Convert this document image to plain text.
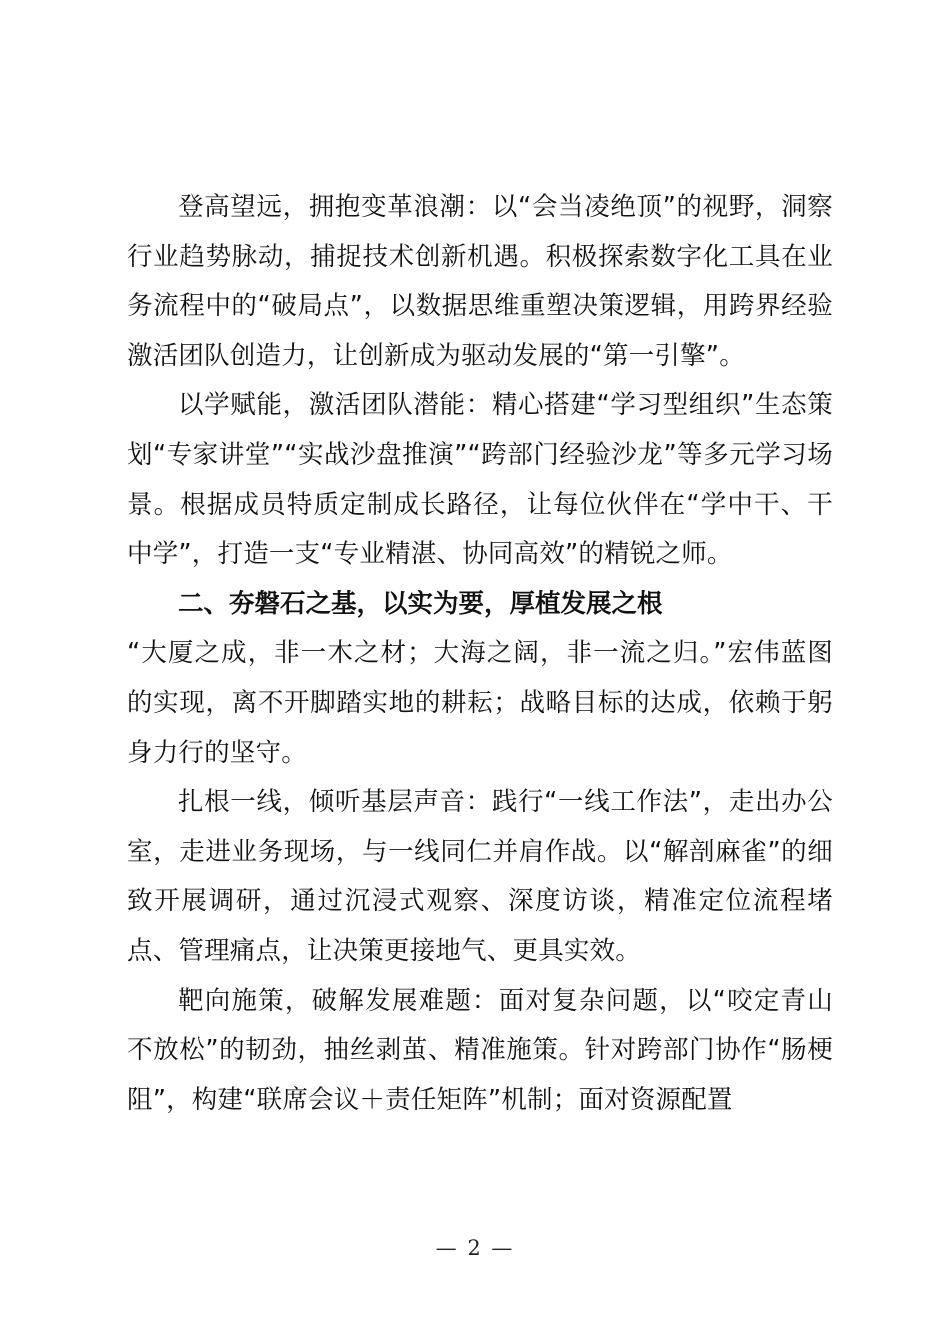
登高望远，拥抱变革浪潮：以“会当凌绝顶”的视野，洞察行业趋势脉动，捕捉技术创新机遇。积极探索数字化工具在业务流程中的“破局点”，以数据思维重塑决策逻辑，用跨界经验激活团队创造力，让创新成为驱动发展的“第一引擎”。

以学赋能，激活团队潜能：精心搭建“学习型组织”生态策划“专家讲堂”“实战沙盘推演”“跨部门经验沙龙”等多元学习场景。根据成员特质定制成长路径，让每位伙伴在“学中干、干中学”，打造一支“专业精湛、协同高效”的精锐之师。

二、夯磐石之基，以实为要，厚植发展之根

“大厦之成，非一木之材；大海之阔，非一流之归。”宏伟蓝图的实现，离不开脚踏实地的耕耘；战略目标的达成，依赖于躬身力行的坚守。

扎根一线，倾听基层声音：践行“一线工作法”，走出办公室，走进业务现场，与一线同仁并肩作战。以“解剖麻雀”的细致开展调研，通过沉浸式观察、深度访谈，精准定位流程堵点、管理痛点，让决策更接地气、更具实效。

靶向施策，破解发展难题：面对复杂问题，以“咬定青山不放松”的韧劲，抽丝剥茧、精准施策。针对跨部门协作“肠梗阻”，构建“联席会议＋责任矩阵”机制；面对资源配置

— 2 —
